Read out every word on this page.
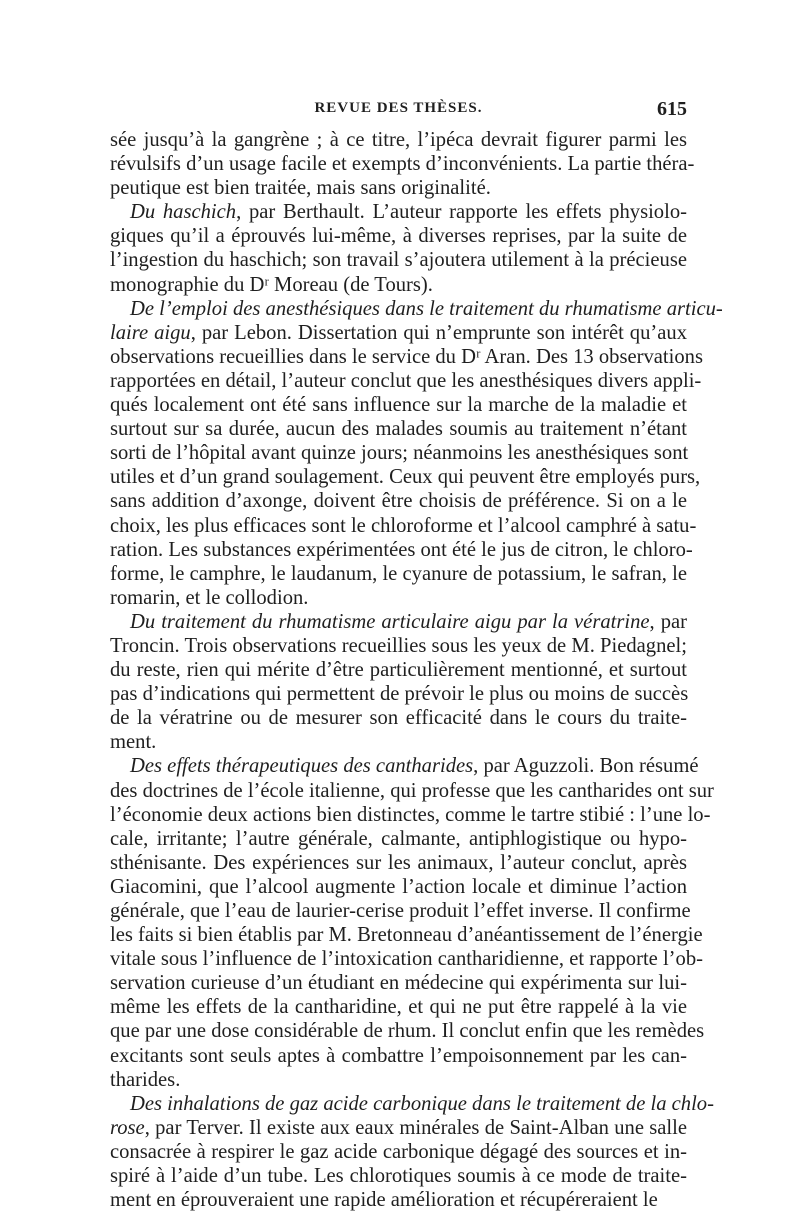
REVUE DES THÈSES.	615
sée jusqu’à la gangrène ; à ce titre, l’ipéca devrait figurer parmi les
révulsifs d’un usage facile et exempts d’inconvénients. La partie théra-
peutique est bien traitée, mais sans originalité.
Du haschich, par Berthault. L’auteur rapporte les effets physiolo-
giques qu’il a éprouvés lui-même, à diverses reprises, par la suite de
l’ingestion du haschich; son travail s’ajoutera utilement à la précieuse
monographie du Dʳ Moreau (de Tours).
De l’emploi des anesthésiques dans le traitement du rhumatisme articu-
laire aigu, par Lebon. Dissertation qui n’emprunte son intérêt qu’aux
observations recueillies dans le service du Dʳ Aran. Des 13 observations
rapportées en détail, l’auteur conclut que les anesthésiques divers appli-
qués localement ont été sans influence sur la marche de la maladie et
surtout sur sa durée, aucun des malades soumis au traitement n’étant
sorti de l’hôpital avant quinze jours; néanmoins les anesthésiques sont
utiles et d’un grand soulagement. Ceux qui peuvent être employés purs,
sans addition d’axonge, doivent être choisis de préférence. Si on a le
choix, les plus efficaces sont le chloroforme et l’alcool camphré à satu-
ration. Les substances expérimentées ont été le jus de citron, le chloro-
forme, le camphre, le laudanum, le cyanure de potassium, le safran, le
romarin, et le collodion.
Du traitement du rhumatisme articulaire aigu par la vératrine, par
Troncin. Trois observations recueillies sous les yeux de M. Piedagnel;
du reste, rien qui mérite d’être particulièrement mentionné, et surtout
pas d’indications qui permettent de prévoir le plus ou moins de succès
de la vératrine ou de mesurer son efficacité dans le cours du traite-
ment.
Des effets thérapeutiques des cantharides, par Aguzzoli. Bon résumé
des doctrines de l’école italienne, qui professe que les cantharides ont sur
l’économie deux actions bien distinctes, comme le tartre stibié : l’une lo-
cale, irritante; l’autre générale, calmante, antiphlogistique ou hypo-
sthénisante. Des expériences sur les animaux, l’auteur conclut, après
Giacomini, que l’alcool augmente l’action locale et diminue l’action
générale, que l’eau de laurier-cerise produit l’effet inverse. Il confirme
les faits si bien établis par M. Bretonneau d’anéantissement de l’énergie
vitale sous l’influence de l’intoxication cantharidienne, et rapporte l’ob-
servation curieuse d’un étudiant en médecine qui expérimenta sur lui-
même les effets de la cantharidine, et qui ne put être rappelé à la vie
que par une dose considérable de rhum. Il conclut enfin que les remèdes
excitants sont seuls aptes à combattre l’empoisonnement par les can-
tharides.
Des inhalations de gaz acide carbonique dans le traitement de la chlo-
rose, par Terver. Il existe aux eaux minérales de Saint-Alban une salle
consacrée à respirer le gaz acide carbonique dégagé des sources et in-
spiré à l’aide d’un tube. Les chlorotiques soumis à ce mode de traite-
ment en éprouveraient une rapide amélioration et récupéreraient le
